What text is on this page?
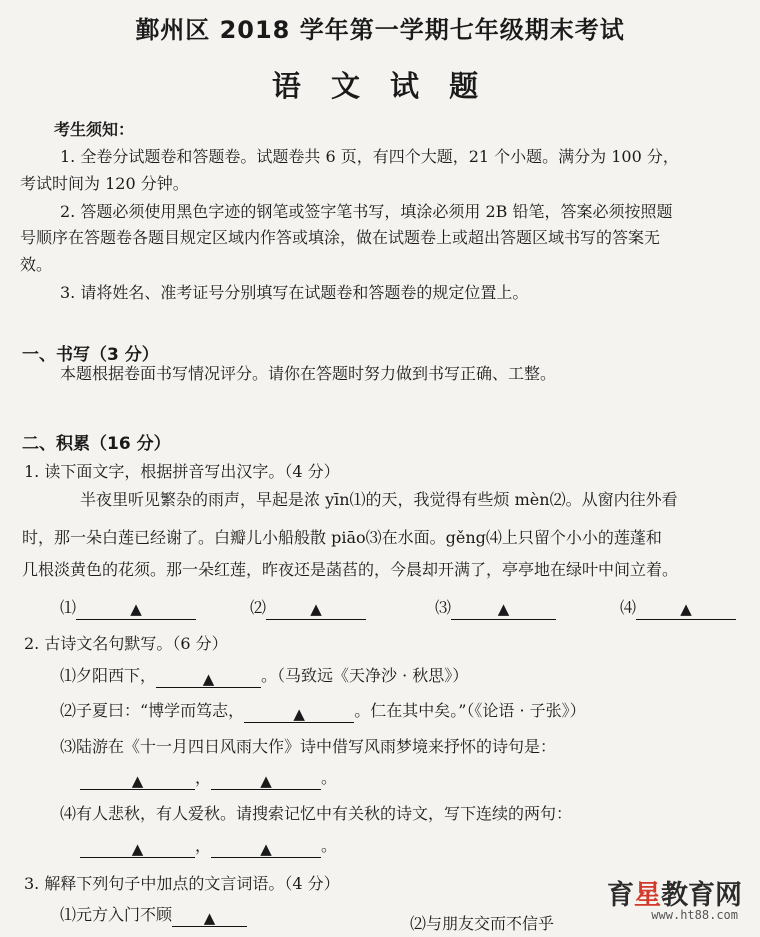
鄞州区 2018 学年第一学期七年级期末考试
语 文 试 题
考生须知：
1. 全卷分试题卷和答题卷。试题卷共 6 页，有四个大题，21 个小题。满分为 100 分，
考试时间为 120 分钟。
2. 答题必须使用黑色字迹的钢笔或签字笔书写，填涂必须用 2B 铅笔，答案必须按照题
号顺序在答题卷各题目规定区域内作答或填涂，做在试题卷上或超出答题区域书写的答案无
效。
3. 请将姓名、准考证号分别填写在试题卷和答题卷的规定位置上。
一、书写（3 分）
本题根据卷面书写情况评分。请你在答题时努力做到书写正确、工整。
二、积累（16 分）
1. 读下面文字，根据拼音写出汉字。（4 分）
半夜里听见繁杂的雨声，早起是浓 yīn⑴的天，我觉得有些烦 mèn⑵。从窗内往外看
时，那一朵白莲已经谢了。白瓣儿小船般散 piāo⑶在水面。gěng⑷上只留个小小的莲蓬和
几根淡黄色的花须。那一朵红莲，昨夜还是菡萏的，今晨却开满了，亭亭地在绿叶中间立着。
⑴	▲	⑵	▲	⑶	▲	⑷	▲
2. 古诗文名句默写。（6 分）
⑴夕阳西下，	▲	。（马致远《天净沙 · 秋思》）
⑵子夏曰：“博学而笃志，	▲	。仁在其中矣。”（《论语 · 子张》）
⑶陆游在《十一月四日风雨大作》诗中借写风雨梦境来抒怀的诗句是：
▲	，	▲	。
⑷有人悲秋，有人爱秋。请搜索记忆中有关秋的诗文，写下连续的两句：
▲	，	▲	。
3. 解释下列句子中加点的文言词语。（4 分）
⑴元方入门不顾 ▲	⑵与朋友交而不信乎
育星教育网
www.ht88.com
